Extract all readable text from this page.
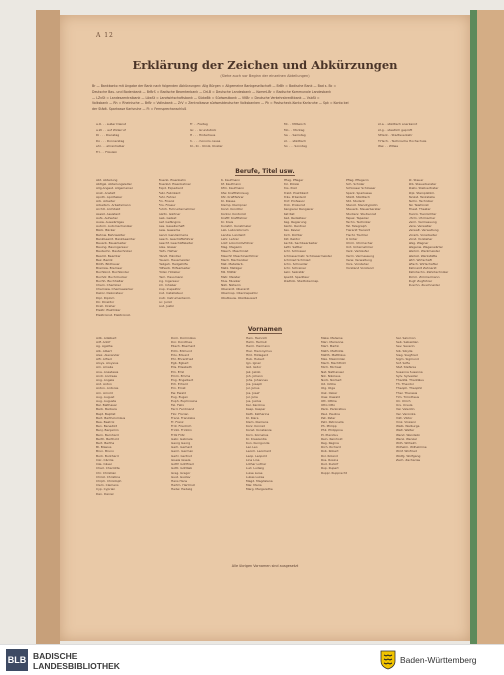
A 12
Erklärung der Zeichen und Abkürzungen
(Siehe auch vor Beginn der einzelnen Abteilungen)
Br — Bankkonto mit Angabe der Bank nach folgenden Abkürzungen: Allg Bürgen = Allgemeine Bankgesellschaft — BrBh = Badische Bank — Bad s. Bc =
Deutsche Bau- und Bodenbank — BrBrS = Badische Beamtenbank — DrLB = Deutsche Landesbank — KommLBr = Badische Kommunale Landesbank
— LZvSt = Landeszentralbank — LöwSt = Landwirtschaftsbank — SüdwBk = Südwestbank — VKBr = Deutsche Verkehrskreditbank — VsbSt =
Volksbank — Rh = Rheinische — BrBr = Volksbank — ZrV = Zentralkasse südwestdeutscher Volksbanken — Pk = Postscheck-Konto Karlsruhe — Spk = Konto bei
der Städt. Sparkasse Karlsruhe — Ft = Fernsprechanschluß
a.O. . . außer Dienst	Fr . . Freitag	Mi . . Mittwoch	st.a. . städtisch anerkannt
a.W. . . auf Widerruf	Gr. . . Grundstück	Mo . . Montag	st.g. . staatlich geprüft
Di . . . Dienstag	H . . . Hinterhaus	Sa . . Samstag	StVerk. . Stadtsverkehr
Do . . . Donnerstag	h. . . . honoris causa	st. . . städtisch	T.Hsch. . Technische Hochschule
ehr. . . ehrenhalber	Kl., Kl. . Klinik, Kloster	So . . . Sonntag	Ww. . . Witwe
Frl. . . Fräulein
Berufe, Titel usw.
Abt. Abteilung
Abtlgsl. Abteilungsleiter
Allg.Angest. Allgemeiner
Anst. Anstalt
Apoth. Apotheker
Arb. Arbeiter
Arbeitsm. Arbeitsmann
Archit. Architekt
Assist. Assistent
Aufs. Aufseher
Ausw. Auswärtiges
Autom. Automechaniker
Bäck. Bäcker
Bahnw. Bahnwärter
Bankbeamt. Bankbeamter
Bauarb. Bauarbeiter
Bauing. Bauingenieur
Bautechn. Bautechniker
Beamt. Beamter
Bez. Bezirk
Bildh. Bildhauer
Bremsw. Bremser
Buchbind. Buchbinder
Buchdr. Buchdrucker
Buchh. Buchhalter
Chem. Chemiker
Chemiew. Chemiewerker
Dekor. Dekorateur
Dipl. Diplom
Dir. Direktor
Dreh. Dreher
Elektr. Elektriker
Elektroinst. Elektroinst.
Eisenb. Eisenbahn
Eisenbd. Eisenbahner
Expd. Expedient
Fabr. Fabrikant
Fahr. Fahrer
Fin. Finanz
Fris. Friseur
Fuhrh. Fuhrunternehmer
Gärtn. Gärtner
Geb. Gebiet
Gef. Gefängnis
Ges. Gesellschaft
Gew. Gewerbe
Gend. Gendarmerie
Gesch. Geschäftsführer
Geschf. Geschäftsleiter
Glas. Glaser
Hafn. Hafner
Händl. Händler
Hausm. Hausmeister
Heilgeh. Heilgehilfe
Hilfsarb. Hilfsarbeiter
Hotel. Hotelier
Hsm. Hausmann
Ing. Ingenieur
Inh. Inhaber
Insp. Inspektor
Inst. Installateur
Instr. Instrumentenm.
Jur. Jurist
Just. Justiz
K. Kaufmann
Kf. Kaufmann
Kfm. Kaufmann
Kfw. Kraftfahrzeug
Kfz. Kraftfahrer
Kl. Klasse
Klemp. Klempner
Kond. Konditor
Kontor. Kontorist
Kraftf. Kraftfahrer
Kr. Kreis
Kunstm. Kunstmaler
Lab. Laboratorium
Landw. Landwirt
Lehr. Lehrer
Lokf. Lokomotivführer
Mag. Magazin
Masch. Maschinist
Maschf. Maschinenführer
Mech. Mechaniker
Met. Metallarb.
Metz. Metzger
Mil. Militär
Mstr. Meister
Mus. Musiker
Näh. Näherin
Oberarzt. Oberarzt
Oberinsp. Oberinspektor
Obstbauw. Obstbauwart
Pfleg. Pfleger
Pol. Polizei
Pos. Post
Prakt. Praktikant
Präs. Präsident
Prof. Professor
Prok. Prokurist
Rangierer Rangierer
Rat Rat
Red. Redakteur
Reg. Regierung
Rentn. Rentner
Rev. Revier
Rich. Richter
Rkt. Rektor
Sachb. Sachbearbeiter
Sattl. Sattler
Schl. Schlosser
Schlossermstr. Schlossermeister
Schmied Schmied
Schn. Schneider
Schr. Schreiner
Sekr. Sekretär
Spedit. Spediteur
Stadtob. Stadtoberinsp.
Pfleg. Pflegerin
Sch. Schüler
Schlosser Schlosser
Spark. Sparkasse
Städt. Städtisch
Std. Student
Stenot. Stenotypistin
Steuerb. Steuerberater
Studienr. Studienrat
Tapez. Tapezier
Techn. Techniker
Tel. Telegraph
Tierarzt Tierarzt
Tischl. Tischler
U Unter
Uhrm. Uhrmacher
Unt. Unternehmer
Verk. Verkäufer
Verm. Vermessung
Verw. Verwaltung
Vors. Vorsteher
Vorstand Vorstand
St. Steuer
Stb. Steuerberater
Stellv. Stellvertreter
Stpl. Steinplatzm.
Tankst. Tankstelle
Techn. Techniker
Tel. Telefonist
Theat. Theater
Tierzü. Tierzüchter
Uhrm. Uhrmacher
Verm. Vermessung
Verw. Verwalter
Verwalt. Verwaltung
Vorarb. Vorarbeiter
Vorst. Vorsteher
Wag. Wagner
Wagenw. Wagenwärter
Werkm. Werkmeister
Werkst. Werkstätte
Wirt. Wirtschaft
Wtsch. Wirtschafter
Zahnarzt Zahnarzt
Zahntechn. Zahntechniker
Zimm. Zimmermann
Zugf. Zugführer
Zuschn. Zuschneider
Vornamen
Adb. Adalbert
Adf. Adolf
Ag. Agathe
Alb. Albert
Alex. Alexander
Alfr. Alfred
Aloys. Aloysius
Am. Amalie
Ana. Anastasia
Andr. Andreas
Ang. Angela
Ant. Anton
Anton. Antonie
Arn. Arnold
Aug. August
Aug. Auguste
Bal. Balthasar
Barb. Barbara
Bapt. Baptist
Bart. Bartholomäus
Bea. Beatrix
Ben. Benedikt
Benj. Benjamin
Bern. Bernhard
Berth. Berthold
Bert. Bertha
Bl. Blasius
Brun. Bruno
Burk. Burkhard
Cäc. Cäcilie
Cäs. Cäsar
Charl. Charlotte
Chr. Christian
Christ. Christine
Chrph. Christoph
Clem. Clemens
Cyp. Cyprian
Dan. Daniel
Dom. Dominikus
Dor. Dorothea
Eberh. Eberhard
Edm. Edmund
Edu. Eduard
Ehr. Ehrenfried
Egb. Egbert
Elis. Elisabeth
Em. Emil
Emm. Emma
Eng. Engelbert
Erh. Erhard
Ern. Ernst
Ew. Ewald
Eug. Eugen
Euph. Euphrosine
Fel. Felix
Ferd. Ferdinand
Flor. Florian
Franz. Franziska
Fr. Franz
Frdr. Friedrich
Fridol. Fridolin
Fritz Fritz
Gabr. Gabriele
Georg Georg
Gerh. Gerhard
Germ. German
Gertr. Gertrud
Gisela Gisela
Gottf. Gottfried
Gottl. Gottlieb
Greg. Gregor
Gust. Gustav
Hans Hans
Hartm. Hartmut
Hedw. Hedwig
Hein. Heinrich
Helm. Helmut
Herm. Hermann
Hier. Hieronymus
Hild. Hildegard
Hub. Hubert
Ign. Ignaz
Isid. Isidor
Jak. Jakob
Joh. Johann
Johs. Johannes
Jos. Joseph
Jul. Julius
Jos. Josef
Jul. Julie
Jus. Justus
Kar. Karoline
Kasp. Kaspar
Kath. Katharina
Kl. Klara
Klem. Klemens
Konr. Konrad
Konst. Konstanze
Korn. Kornelius
Kr. Kreszentia
Kun. Kunigunde
Leo Leo
Leonh. Leonhard
Leop. Leopold
Lina Lina
Lothar Lothar
Lud. Ludwig
Luise Luise
Lukas Lukas
Magd. Magdalena
Mar. Maria
Marg. Margarethe
Malw. Malwine
Mari. Marianne
Mart. Martin
Math. Mathilde
Matth. Matthäus
Max. Maximilian
Mech. Mechthild
Mich. Michael
Nat. Nathanael
Nik. Nikolaus
Norb. Norbert
Od. Odilie
Olg. Olga
Osk. Oskar
Osw. Oswald
Ott. Ottilie
Otto Otto
Pank. Pankratius
Paul. Pauline
Pet. Peter
Petr. Petronella
Ph. Philipp
Phil. Philippine
Pl. Placidus
Rein. Reinhold
Reg. Regina
Rich. Richard
Rob. Robert
Rol. Roland
Ros. Rosina
Rud. Rudolf
Rup. Rupert
Ruppr. Rupprecht
Sal. Salomon
Seb. Sebastian
Sev. Severin
Sib. Sibylle
Sieg. Siegfried
Sigm. Sigmund
Sof. Sofie
Stef. Stefanie
Susanna Susanna
Sylv. Sylvester
Thaddä. Thaddäus
Th. Theodor
Theoph. Theophil
Ther. Theresia
Tim. Timotheus
Ulr. Ulrich
Urs. Ursula
Val. Valentin
Ver. Veronika
Vikt. Viktor
Vinz. Vinzenz
Walb. Walburga
Walt. Walter
Wend. Wendelin
Wenz. Wenzel
Wilh. Wilhelm
Wilhelm. Wilhelmine
Winf. Winfried
Wolfg. Wolfgang
Zach. Zacharias
Alle übrigen Vornamen sind ausgesetzt
BLB BADISCHE
LANDESBIBLIOTHEK
Baden-Württemberg
